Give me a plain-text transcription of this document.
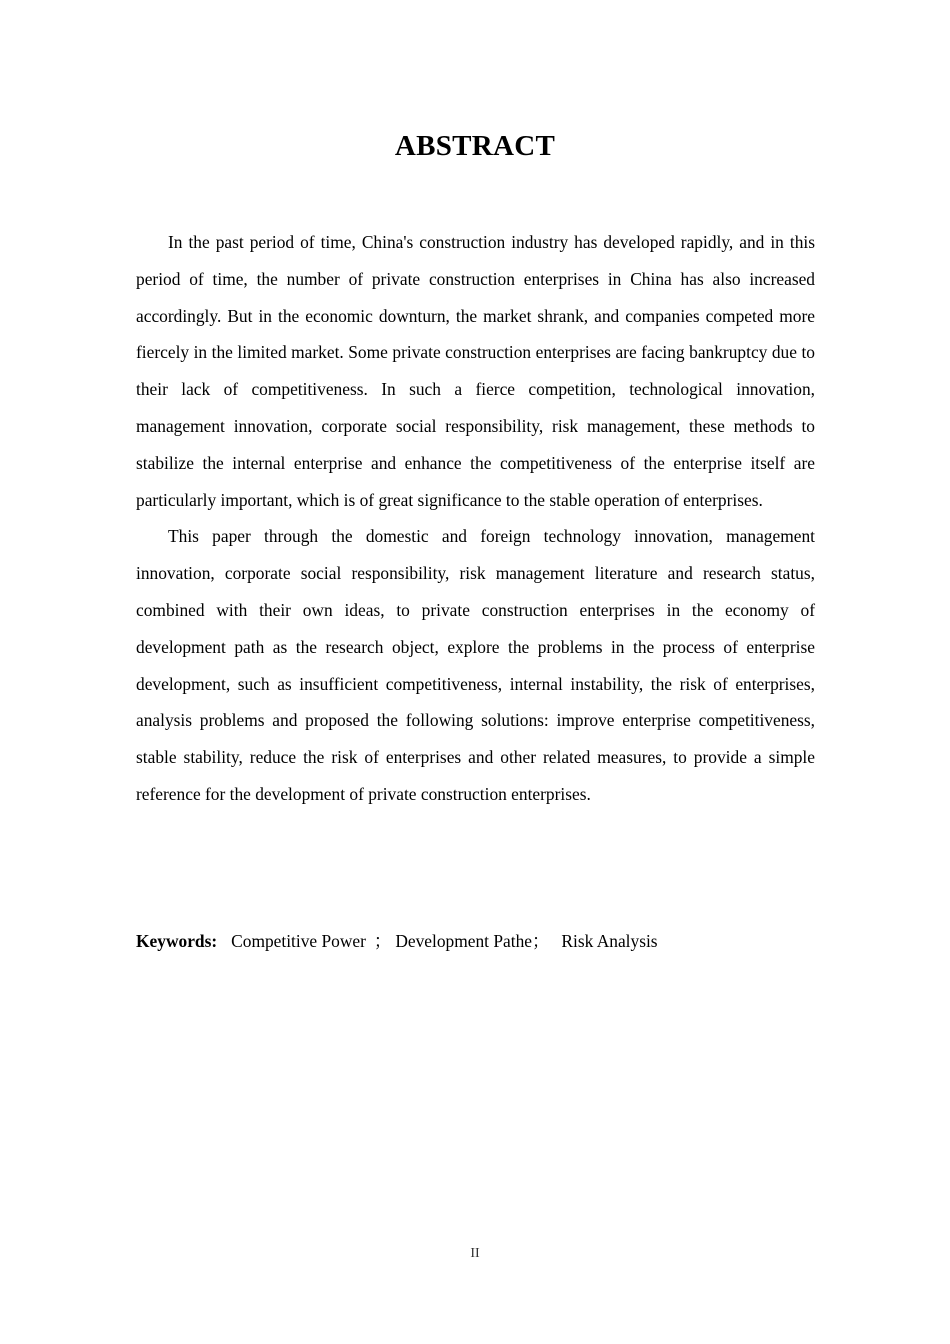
ABSTRACT

In the past period of time, China's construction industry has developed rapidly, and in this period of time, the number of private construction enterprises in China has also increased accordingly. But in the economic downturn, the market shrank, and companies competed more fiercely in the limited market. Some private construction enterprises are facing bankruptcy due to their lack of competitiveness. In such a fierce competition, technological innovation, management innovation, corporate social responsibility, risk management, these methods to stabilize the internal enterprise and enhance the competitiveness of the enterprise itself are particularly important, which is of great significance to the stable operation of enterprises.

This paper through the domestic and foreign technology innovation, management innovation, corporate social responsibility, risk management literature and research status, combined with their own ideas, to private construction enterprises in the economy of development path as the research object, explore the problems in the process of enterprise development, such as insufficient competitiveness, internal instability, the risk of enterprises, analysis problems and proposed the following solutions: improve enterprise competitiveness, stable stability, reduce the risk of enterprises and other related measures, to provide a simple reference for the development of private construction enterprises.

Keywords: Competitive Power ； Development Pathe； Risk Analysis
II
